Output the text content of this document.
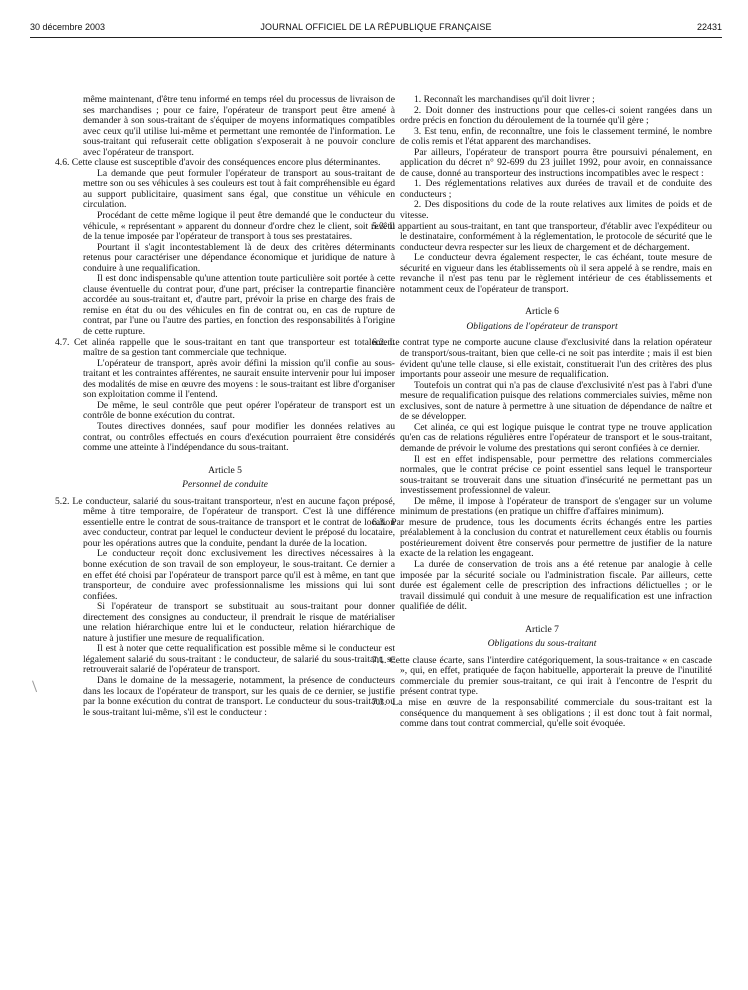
30 décembre 2003	JOURNAL OFFICIEL DE LA RÉPUBLIQUE FRANÇAISE	22431

même maintenant, d'être tenu informé en temps réel du processus de livraison de ses marchandises ; pour ce faire, l'opérateur de transport peut être amené à demander à son sous-traitant de s'équiper de moyens informatiques compatibles avec ceux qu'il utilise lui-même et permettant une remontée de l'information. Le sous-traitant qui refuserait cette obligation s'exposerait à ne pouvoir conclure avec l'opérateur de transport.

4.6. Cette clause est susceptible d'avoir des conséquences encore plus déterminantes.

La demande que peut formuler l'opérateur de transport au sous-traitant de mettre son ou ses véhicules à ses couleurs est tout à fait compréhensible eu égard au support publicitaire, quasiment sans égal, que constitue un véhicule en circulation.

Procédant de cette même logique il peut être demandé que le conducteur du véhicule, « représentant » apparent du donneur d'ordre chez le client, soit revêtu de la tenue imposée par l'opérateur de transport à tous ses prestataires.

Pourtant il s'agit incontestablement là de deux des critères déterminants retenus pour caractériser une dépendance économique et juridique de nature à conduire à une requalification.

Il est donc indispensable qu'une attention toute particulière soit portée à cette clause éventuelle du contrat pour, d'une part, préciser la contrepartie financière accordée au sous-traitant et, d'autre part, prévoir la prise en charge des frais de remise en état du ou des véhicules en fin de contrat ou, en cas de rupture de contrat, par l'une ou l'autre des parties, en fonction des responsabilités à l'origine de cette rupture.

4.7. Cet alinéa rappelle que le sous-traitant en tant que transporteur est totalement maître de sa gestion tant commerciale que technique.

L'opérateur de transport, après avoir défini la mission qu'il confie au sous-traitant et les contraintes afférentes, ne saurait ensuite intervenir pour lui imposer des modalités de mise en œuvre des moyens : le sous-traitant est libre d'organiser son exploitation comme il l'entend.

De même, le seul contrôle que peut opérer l'opérateur de transport est un contrôle de bonne exécution du contrat.

Toutes directives données, sauf pour modifier les données relatives au contrat, ou contrôles effectués en cours d'exécution pourraient être considérés comme une atteinte à l'indépendance du sous-traitant.

Article 5

Personnel de conduite

5.2. Le conducteur, salarié du sous-traitant transporteur, n'est en aucune façon préposé, même à titre temporaire, de l'opérateur de transport. C'est là une différence essentielle entre le contrat de sous-traitance de transport et le contrat de location avec conducteur, contrat par lequel le conducteur devient le préposé du locataire, pour les opérations autres que la conduite, pendant la durée de la location.

Le conducteur reçoit donc exclusivement les directives nécessaires à la bonne exécution de son travail de son employeur, le sous-traitant. Ce dernier a en effet été choisi par l'opérateur de transport parce qu'il est à même, en tant que transporteur, de conduire avec professionnalisme les missions qui lui sont confiées.

Si l'opérateur de transport se substituait au sous-traitant pour donner directement des consignes au conducteur, il prendrait le risque de matérialiser une relation hiérarchique entre lui et le conducteur, relation hiérarchique de nature à justifier une mesure de requalification.

Il est à noter que cette requalification est possible même si le conducteur est légalement salarié du sous-traitant : le conducteur, de salarié du sous-traitant, se retrouverait salarié de l'opérateur de transport.

Dans le domaine de la messagerie, notamment, la présence de conducteurs dans les locaux de l'opérateur de transport, sur les quais de ce dernier, se justifie par la bonne exécution du contrat de transport. Le conducteur du sous-traitant ou le sous-traitant lui-même, s'il est le conducteur :

1. Reconnaît les marchandises qu'il doit livrer ;

2. Doit donner des instructions pour que celles-ci soient rangées dans un ordre précis en fonction du déroulement de la tournée qu'il gère ;

3. Est tenu, enfin, de reconnaître, une fois le classement terminé, le nombre de colis remis et l'état apparent des marchandises.

Par ailleurs, l'opérateur de transport pourra être poursuivi pénalement, en application du décret n° 92-699 du 23 juillet 1992, pour avoir, en connaissance de cause, donné au transporteur des instructions incompatibles avec le respect :

1. Des réglementations relatives aux durées de travail et de conduite des conducteurs ;

2. Des dispositions du code de la route relatives aux limites de poids et de vitesse.

5.3. Il appartient au sous-traitant, en tant que transporteur, d'établir avec l'expéditeur ou le destinataire, conformément à la réglementation, le protocole de sécurité que le conducteur devra respecter sur les lieux de chargement et de déchargement.

Le conducteur devra également respecter, le cas échéant, toute mesure de sécurité en vigueur dans les établissements où il sera appelé à se rendre, mais en revanche il n'est pas tenu par le règlement intérieur de ces établissements et notamment ceux de l'opérateur de transport.

Article 6

Obligations de l'opérateur de transport

6.2. Le contrat type ne comporte aucune clause d'exclusivité dans la relation opérateur de transport/sous-traitant, bien que celle-ci ne soit pas interdite ; mais il est bien évident qu'une telle clause, si elle existait, constituerait l'un des critères des plus importants pour asseoir une mesure de requalification.

Toutefois un contrat qui n'a pas de clause d'exclusivité n'est pas à l'abri d'une mesure de requalification puisque des relations commerciales suivies, même non exclusives, sont de nature à permettre à une situation de dépendance de naître et de se développer.

Cet alinéa, ce qui est logique puisque le contrat type ne trouve application qu'en cas de relations régulières entre l'opérateur de transport et le sous-traitant, demande de prévoir le volume des prestations qui seront confiées à ce dernier.

Il est en effet indispensable, pour permettre des relations commerciales normales, que le contrat précise ce point essentiel sans lequel le transporteur sous-traitant se trouverait dans une situation d'insécurité ne permettant pas un investissement professionnel de valeur.

De même, il impose à l'opérateur de transport de s'engager sur un volume minimum de prestations (en pratique un chiffre d'affaires minimum).

6.3. Par mesure de prudence, tous les documents écrits échangés entre les parties préalablement à la conclusion du contrat et naturellement ceux établis ou fournis postérieurement doivent être conservés pour permettre de justifier de la nature exacte de la relation les engageant.

La durée de conservation de trois ans a été retenue par analogie à celle imposée par la sécurité sociale ou l'administration fiscale. Par ailleurs, cette durée est également celle de prescription des infractions délictuelles ; or le travail dissimulé qui conduit à une mesure de requalification est une infraction qualifiée de délit.

Article 7

Obligations du sous-traitant

7.1. Cette clause écarte, sans l'interdire catégoriquement, la sous-traitance « en cascade », qui, en effet, pratiquée de façon habituelle, apporterait la preuve de l'inutilité commerciale du premier sous-traitant, ce qui irait à l'encontre de l'esprit du présent contrat type.

7.3. La mise en œuvre de la responsabilité commerciale du sous-traitant est la conséquence du manquement à ses obligations ; il est donc tout à fait normal, comme dans tout contrat commercial, qu'elle soit évoquée.
